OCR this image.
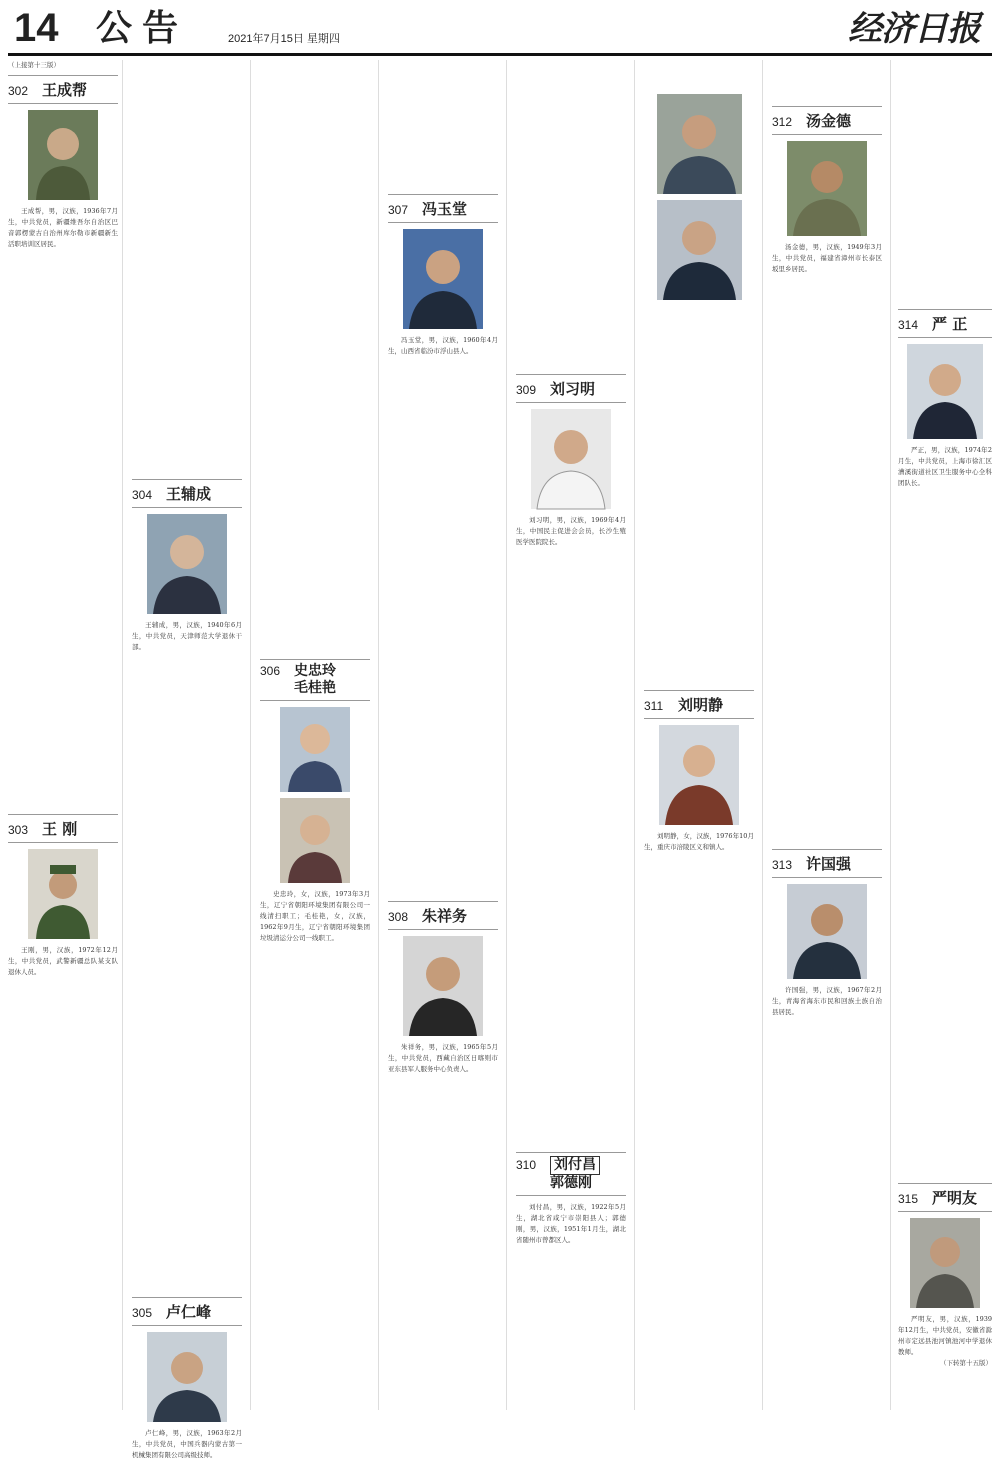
14 公告	2021年7月15日 星期四	经济日报

（上接第十三版）

302 王成帮

王成帮，男，汉族，1936年7月生，中共党员，新疆维吾尔自治区巴音郭楞蒙古自治州库尔勒市新疆新生活职培训区居民。

303 王 刚

王刚，男，汉族，1972年12月生，中共党员，武警新疆总队某支队退休人员。

304 王辅成

王辅成，男，汉族，1940年6月生，中共党员，天津师范大学退休干部。

305 卢仁峰

卢仁峰，男，汉族，1963年2月生，中共党员，中国兵器内蒙古第一机械集团有限公司高级技师。

306 史忠玲
毛桂艳

史忠玲，女，汉族，1973年3月生，辽宁省朝阳环境集团有限公司一线清扫职工；毛桂艳，女，汉族，1962年9月生，辽宁省朝阳环境集团垃圾清运分公司一线职工。

307 冯玉堂

冯玉堂，男，汉族，1960年4月生，山西省临汾市浮山县人。

308 朱祥务

朱祥务，男，汉族，1965年5月生，中共党员，西藏自治区日喀则市亚东县军人服务中心负责人。

309 刘习明

刘习明，男，汉族，1969年4月生，中国民主促进会会员，长沙生殖医学医院院长。

310	刘付昌
郭德刚

刘付昌，男，汉族，1922年5月生，湖北省咸宁市崇阳县人；郭德刚，男，汉族，1951年1月生，湖北省随州市曾都区人。

311 刘明静

刘明静，女，汉族，1976年10月生，重庆市涪陵区义和镇人。

312 汤金德

汤金德，男，汉族，1949年3月生，中共党员，福建省漳州市长泰区坂里乡居民。

313 许国强

许国强，男，汉族，1967年2月生，青海省海东市民和回族土族自治县居民。

314 严 正

严正，男，汉族，1974年2月生，中共党员，上海市徐汇区漕溪街道社区卫生服务中心全科团队长。

315 严明友

严明友，男，汉族，1939年12月生，中共党员，安徽省滁州市定远县池河镇池河中学退休教师。

（下转第十五版）
